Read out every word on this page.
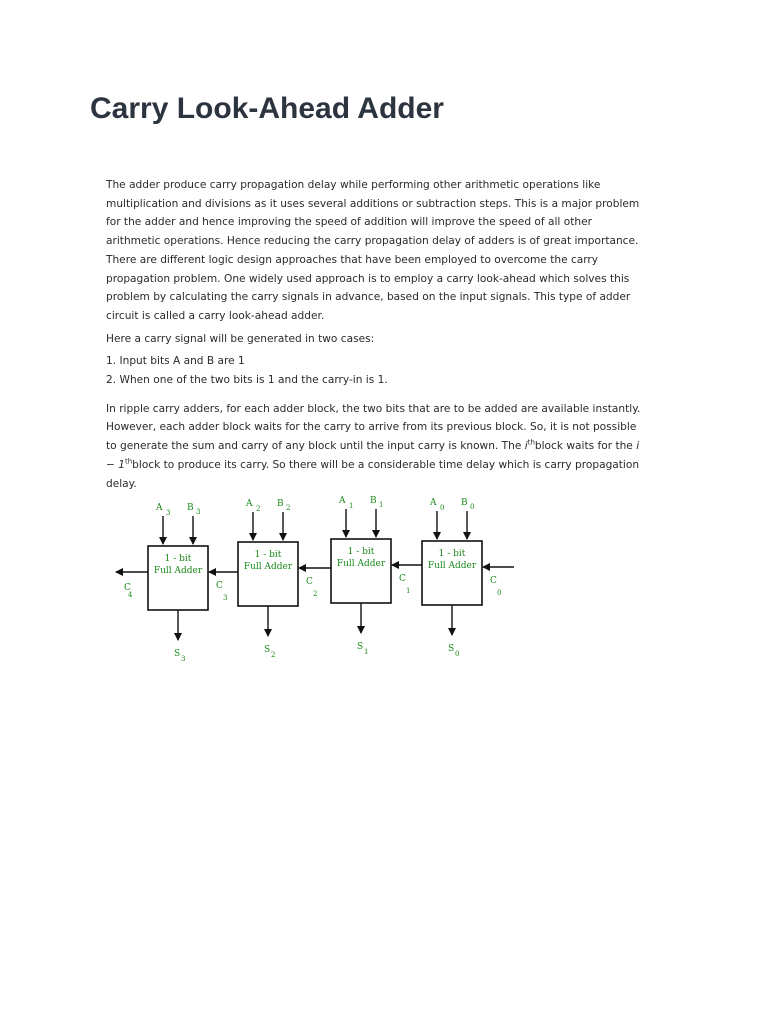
Carry Look-Ahead Adder

The adder produce carry propagation delay while performing other arithmetic operations like multiplication and divisions as it uses several additions or subtraction steps. This is a major problem for the adder and hence improving the speed of addition will improve the speed of all other arithmetic operations. Hence reducing the carry propagation delay of adders is of great importance. There are different logic design approaches that have been employed to overcome the carry propagation problem. One widely used approach is to employ a carry look-ahead which solves this problem by calculating the carry signals in advance, based on the input signals. This type of adder circuit is called a carry look-ahead adder.

Here a carry signal will be generated in two cases:

1. Input bits A and B are 1
2. When one of the two bits is 1 and the carry-in is 1.

In ripple carry adders, for each adder block, the two bits that are to be added are available instantly. However, each adder block waits for the carry to arrive from its previous block. So, it is not possible to generate the sum and carry of any block until the input carry is known. The $i^{th}block$ waits for the i − 1thblock to produce its carry. So there will be a considerable time delay which is carry propagation delay.

1 - bit
Full Adder
A 3 B 3
S 3
C
3
1 - bit
Full Adder
A 2 B 2
S 2
C
2
1 - bit
Full Adder
A 1 B 1
S 1
C
1
1 - bit
Full Adder
A 0 B 0
S 0
C
0
C
4
